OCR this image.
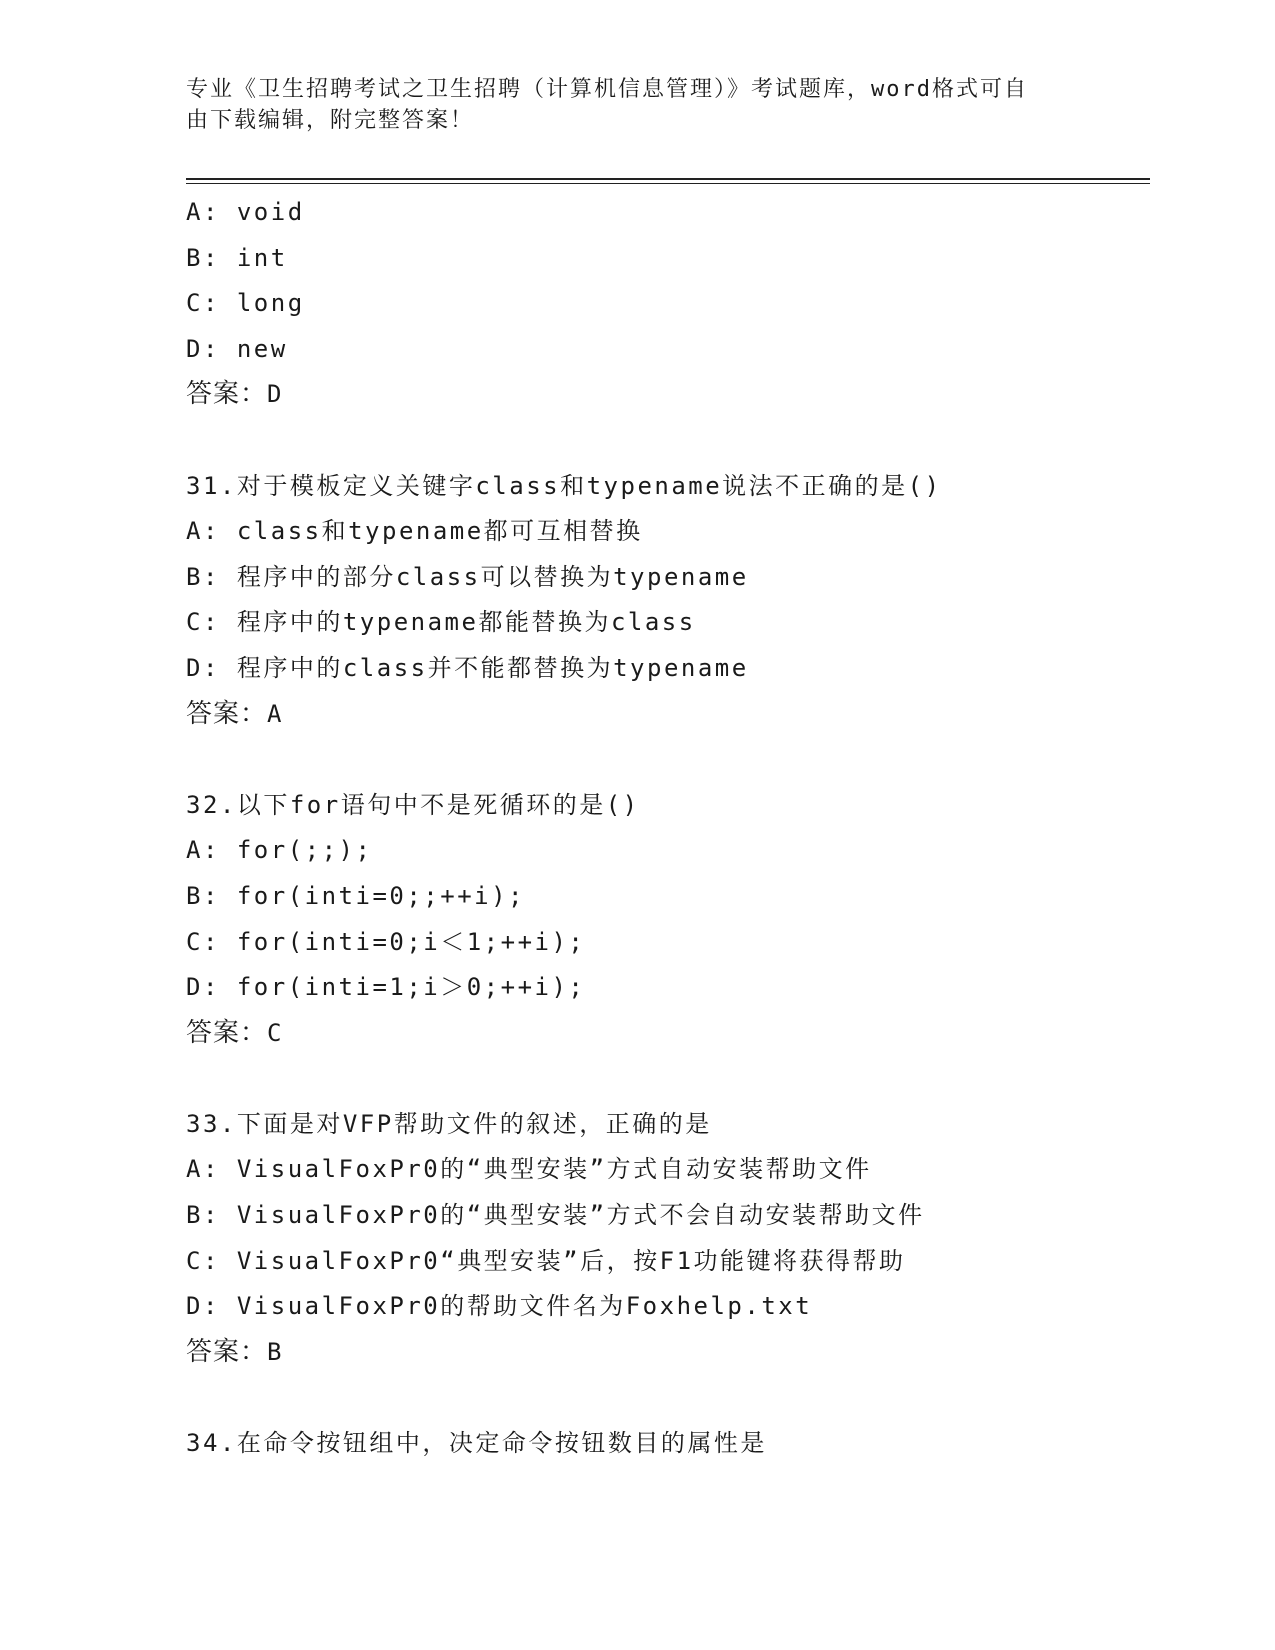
专业《卫生招聘考试之卫生招聘（计算机信息管理）》考试题库，word格式可自
由下载编辑，附完整答案！
A: void
B: int
C: long
D: new
答案：D
31.对于模板定义关键字class和typename说法不正确的是()
A: class和typename都可互相替换
B: 程序中的部分class可以替换为typename
C: 程序中的typename都能替换为class
D: 程序中的class并不能都替换为typename
答案：A
32.以下for语句中不是死循环的是()
A: for(;;);
B: for(inti=0;;++i);
C: for(inti=0;i＜1;++i);
D: for(inti=1;i＞0;++i);
答案：C
33.下面是对VFP帮助文件的叙述，正确的是
A: VisualFoxPr0的“典型安装”方式自动安装帮助文件
B: VisualFoxPr0的“典型安装”方式不会自动安装帮助文件
C: VisualFoxPr0“典型安装”后，按F1功能键将获得帮助
D: VisualFoxPr0的帮助文件名为Foxhelp.txt
答案：B
34.在命令按钮组中，决定命令按钮数目的属性是
